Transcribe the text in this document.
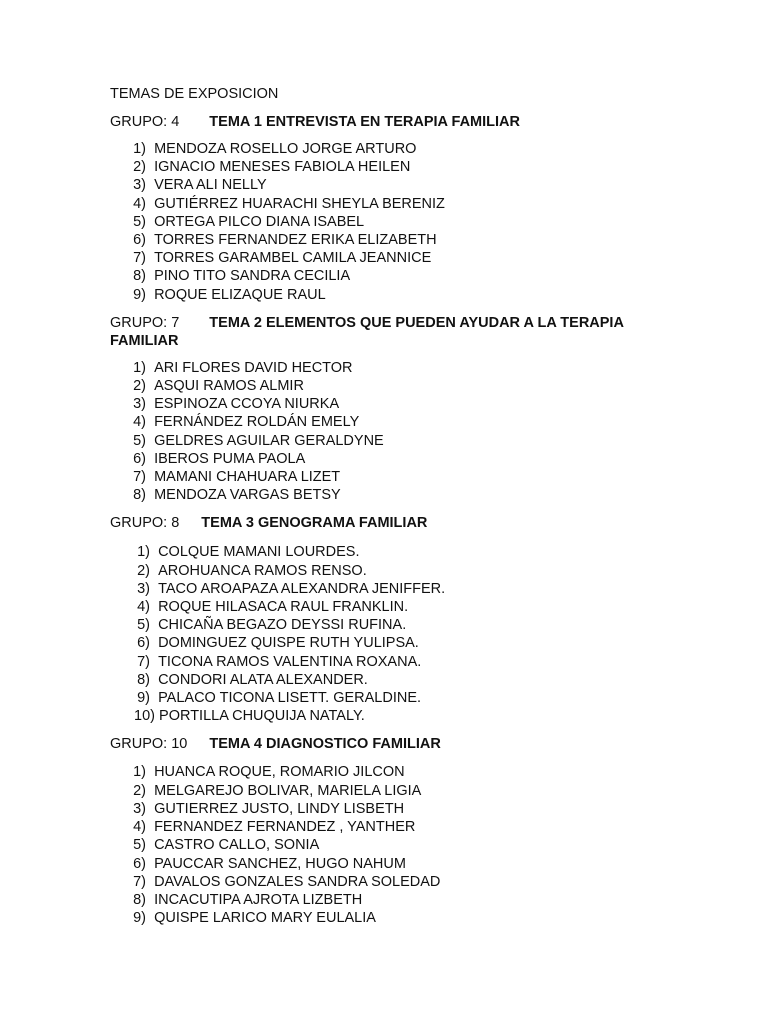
TEMAS DE EXPOSICION
GRUPO: 4 TEMA 1 ENTREVISTA EN TERAPIA FAMILIAR
1) MENDOZA ROSELLO JORGE ARTURO
2) IGNACIO MENESES FABIOLA HEILEN
3) VERA ALI NELLY
4) GUTIÉRREZ HUARACHI SHEYLA BERENIZ
5) ORTEGA PILCO DIANA ISABEL
6) TORRES FERNANDEZ ERIKA ELIZABETH
7) TORRES GARAMBEL CAMILA JEANNICE
8) PINO TITO SANDRA CECILIA
9) ROQUE ELIZAQUE RAUL
GRUPO: 7 TEMA 2 ELEMENTOS QUE PUEDEN AYUDAR A LA TERAPIA FAMILIAR
1) ARI FLORES DAVID HECTOR
2) ASQUI RAMOS ALMIR
3) ESPINOZA CCOYA NIURKA
4) FERNÁNDEZ ROLDÁN EMELY
5) GELDRES AGUILAR GERALDYNE
6) IBEROS PUMA PAOLA
7) MAMANI CHAHUARA LIZET
8) MENDOZA VARGAS BETSY
GRUPO: 8 TEMA 3 GENOGRAMA FAMILIAR
1) COLQUE MAMANI LOURDES.
2) AROHUANCA RAMOS RENSO.
3) TACO AROAPAZA ALEXANDRA JENIFFER.
4) ROQUE HILASACA RAUL FRANKLIN.
5) CHICAÑA BEGAZO DEYSSI RUFINA.
6) DOMINGUEZ QUISPE RUTH YULIPSA.
7) TICONA RAMOS VALENTINA ROXANA.
8) CONDORI ALATA ALEXANDER.
9) PALACO TICONA LISETT. GERALDINE.
10) PORTILLA CHUQUIJA NATALY.
GRUPO: 10 TEMA 4 DIAGNOSTICO FAMILIAR
1) HUANCA ROQUE, ROMARIO JILCON
2) MELGAREJO BOLIVAR, MARIELA LIGIA
3) GUTIERREZ JUSTO, LINDY LISBETH
4) FERNANDEZ FERNANDEZ , YANTHER
5) CASTRO CALLO, SONIA
6) PAUCCAR SANCHEZ, HUGO NAHUM
7) DAVALOS GONZALES SANDRA SOLEDAD
8) INCACUTIPA AJROTA LIZBETH
9) QUISPE LARICO MARY EULALIA
